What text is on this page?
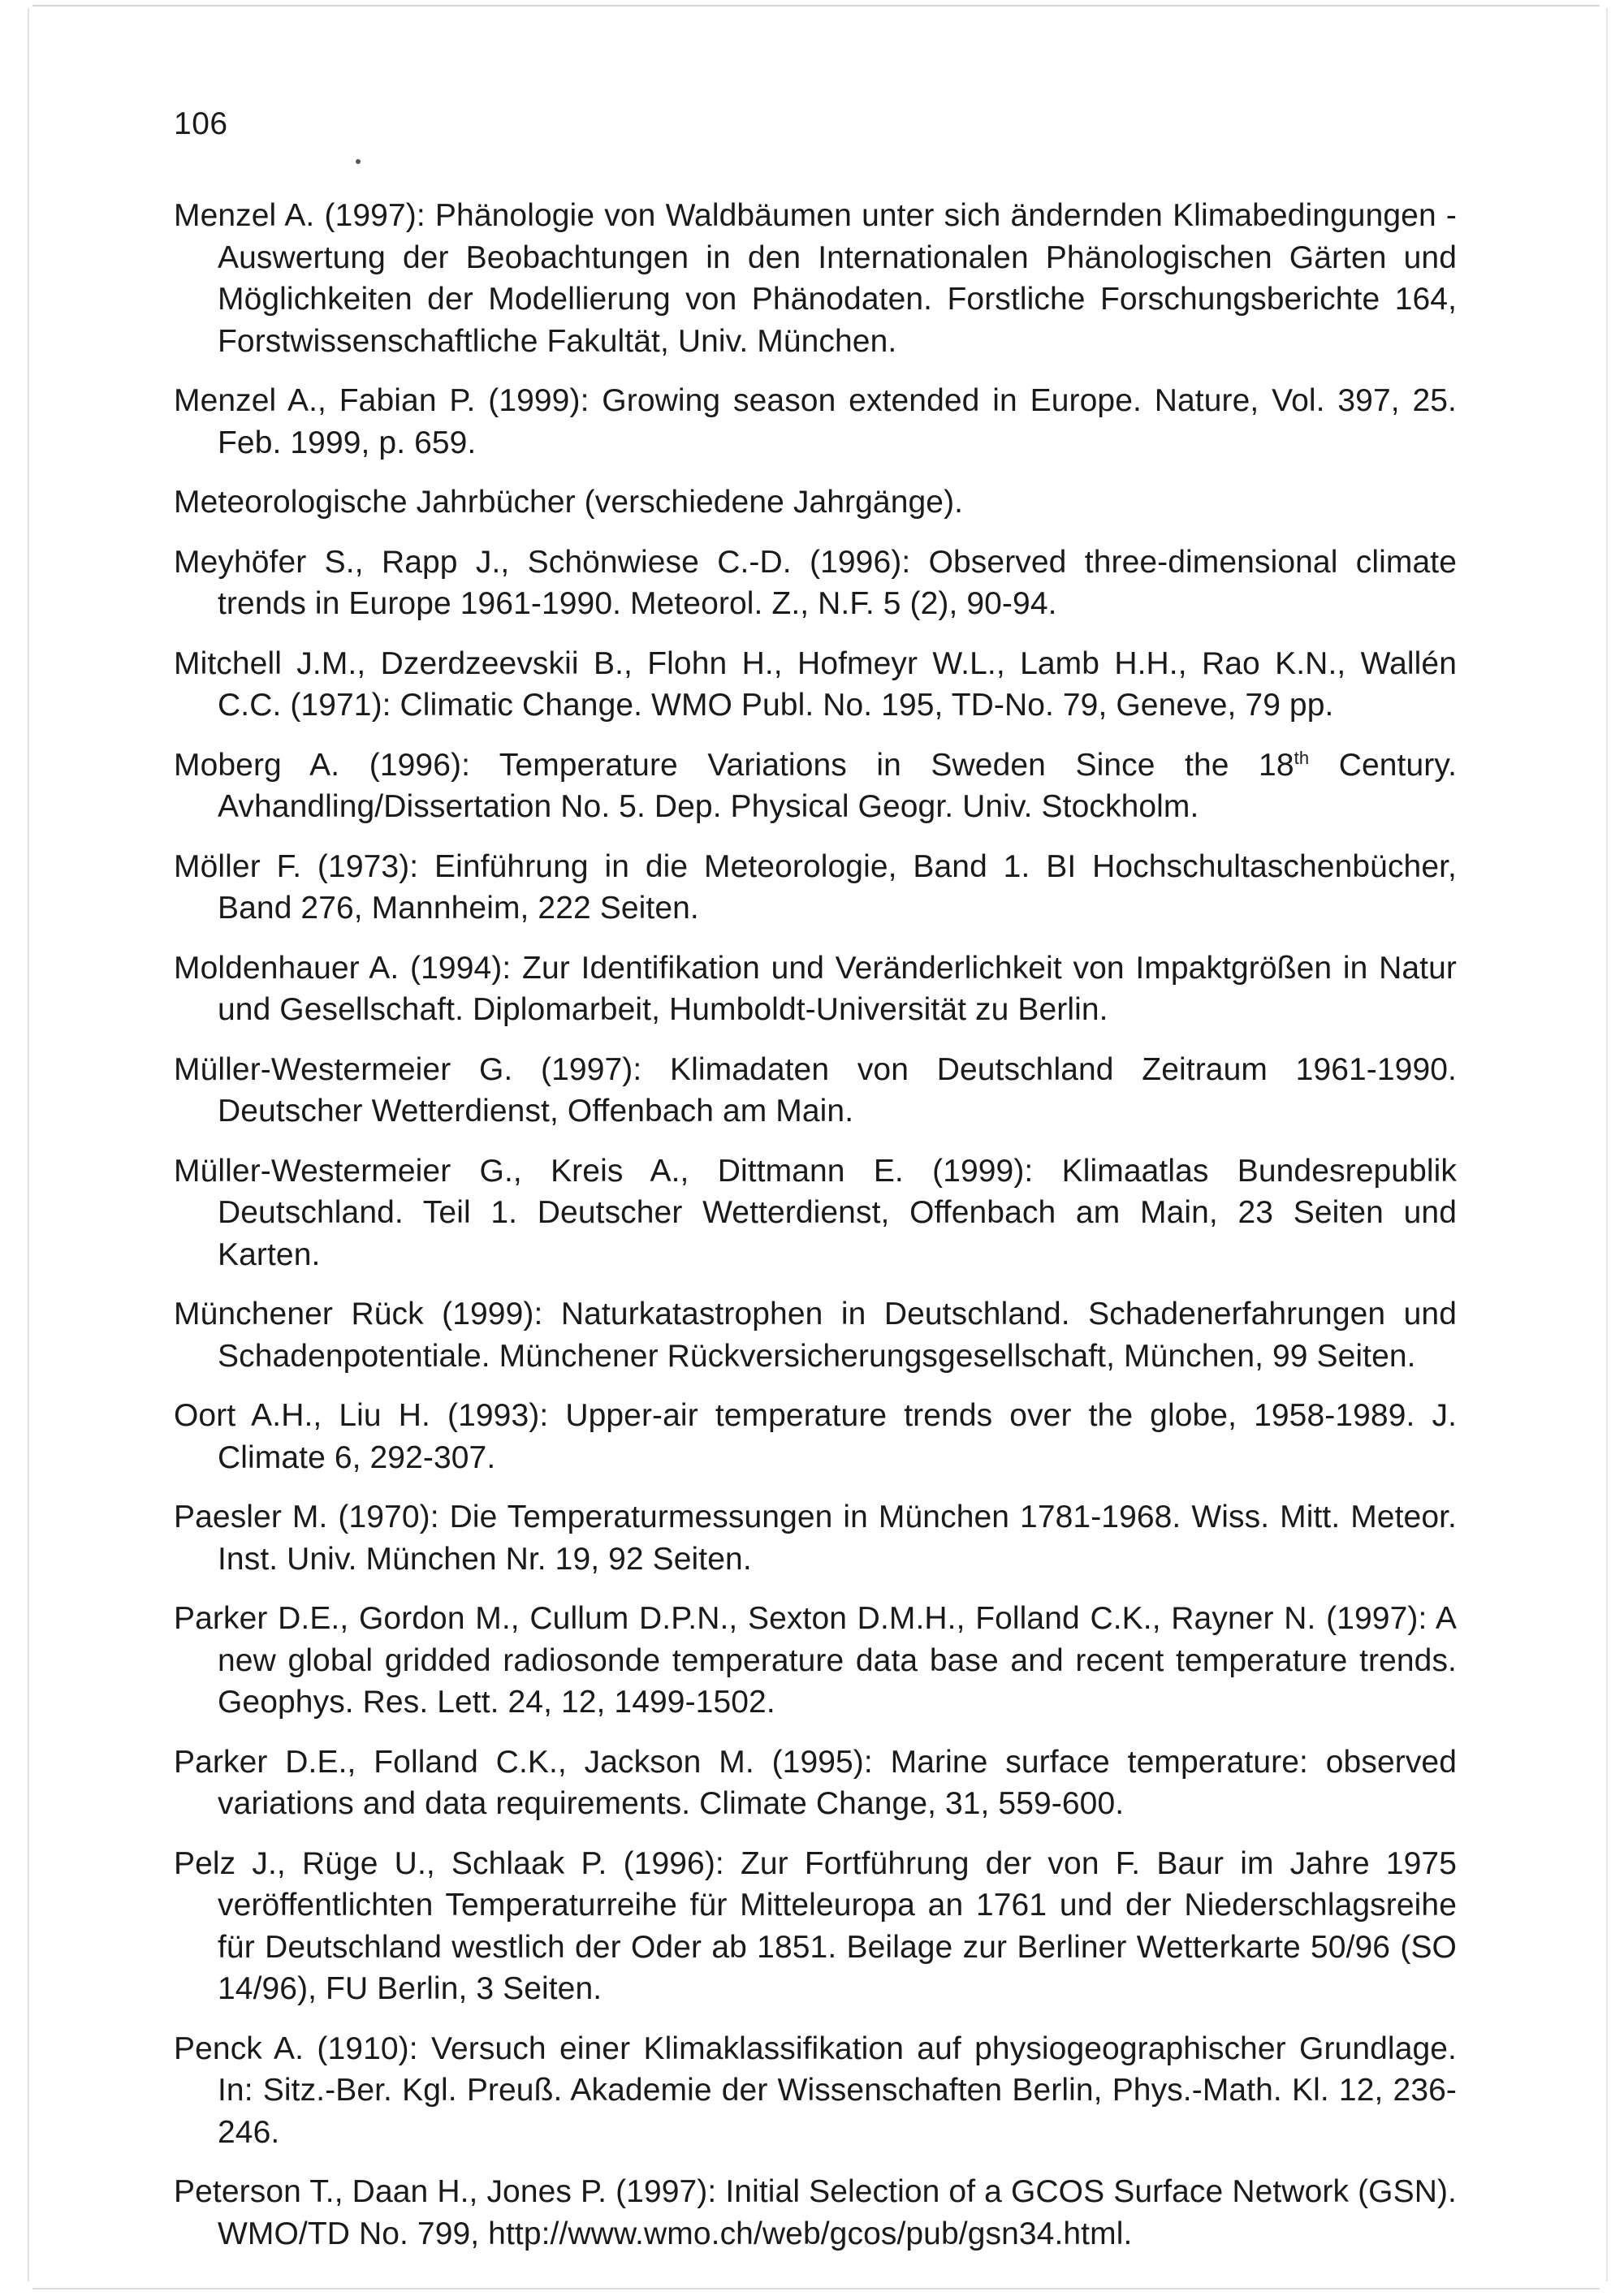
106
Menzel A. (1997): Phänologie von Waldbäumen unter sich ändernden Klimabedingungen - Auswertung der Beobachtungen in den Internationalen Phänologischen Gärten und Möglichkeiten der Modellierung von Phänodaten. Forstliche Forschungsberichte 164, Forstwissenschaftliche Fakultät, Univ. München.
Menzel A., Fabian P. (1999): Growing season extended in Europe. Nature, Vol. 397, 25. Feb. 1999, p. 659.
Meteorologische Jahrbücher (verschiedene Jahrgänge).
Meyhöfer S., Rapp J., Schönwiese C.-D. (1996): Observed three-dimensional climate trends in Europe 1961-1990. Meteorol. Z., N.F. 5 (2), 90-94.
Mitchell J.M., Dzerdzeevskii B., Flohn H., Hofmeyr W.L., Lamb H.H., Rao K.N., Wallén C.C. (1971): Climatic Change. WMO Publ. No. 195, TD-No. 79, Geneve, 79 pp.
Moberg A. (1996): Temperature Variations in Sweden Since the 18th Century. Avhandling/Dissertation No. 5. Dep. Physical Geogr. Univ. Stockholm.
Möller F. (1973): Einführung in die Meteorologie, Band 1. BI Hochschultaschenbücher, Band 276, Mannheim, 222 Seiten.
Moldenhauer A. (1994): Zur Identifikation und Veränderlichkeit von Impaktgrößen in Natur und Gesellschaft. Diplomarbeit, Humboldt-Universität zu Berlin.
Müller-Westermeier G. (1997): Klimadaten von Deutschland Zeitraum 1961-1990. Deutscher Wetterdienst, Offenbach am Main.
Müller-Westermeier G., Kreis A., Dittmann E. (1999): Klimaatlas Bundesrepublik Deutschland. Teil 1. Deutscher Wetterdienst, Offenbach am Main, 23 Seiten und Karten.
Münchener Rück (1999): Naturkatastrophen in Deutschland. Schadenerfahrungen und Schadenpotentiale. Münchener Rückversicherungsgesellschaft, München, 99 Seiten.
Oort A.H., Liu H. (1993): Upper-air temperature trends over the globe, 1958-1989. J. Climate 6, 292-307.
Paesler M. (1970): Die Temperaturmessungen in München 1781-1968. Wiss. Mitt. Meteor. Inst. Univ. München Nr. 19, 92 Seiten.
Parker D.E., Gordon M., Cullum D.P.N., Sexton D.M.H., Folland C.K., Rayner N. (1997): A new global gridded radiosonde temperature data base and recent temperature trends. Geophys. Res. Lett. 24, 12, 1499-1502.
Parker D.E., Folland C.K., Jackson M. (1995): Marine surface temperature: observed variations and data requirements. Climate Change, 31, 559-600.
Pelz J., Rüge U., Schlaak P. (1996): Zur Fortführung der von F. Baur im Jahre 1975 veröffentlichten Temperaturreihe für Mitteleuropa an 1761 und der Niederschlagsreihe für Deutschland westlich der Oder ab 1851. Beilage zur Berliner Wetterkarte 50/96 (SO 14/96), FU Berlin, 3 Seiten.
Penck A. (1910): Versuch einer Klimaklassifikation auf physiogeographischer Grundlage. In: Sitz.-Ber. Kgl. Preuß. Akademie der Wissenschaften Berlin, Phys.-Math. Kl. 12, 236-246.
Peterson T., Daan H., Jones P. (1997): Initial Selection of a GCOS Surface Network (GSN). WMO/TD No. 799, http://www.wmo.ch/web/gcos/pub/gsn34.html.
